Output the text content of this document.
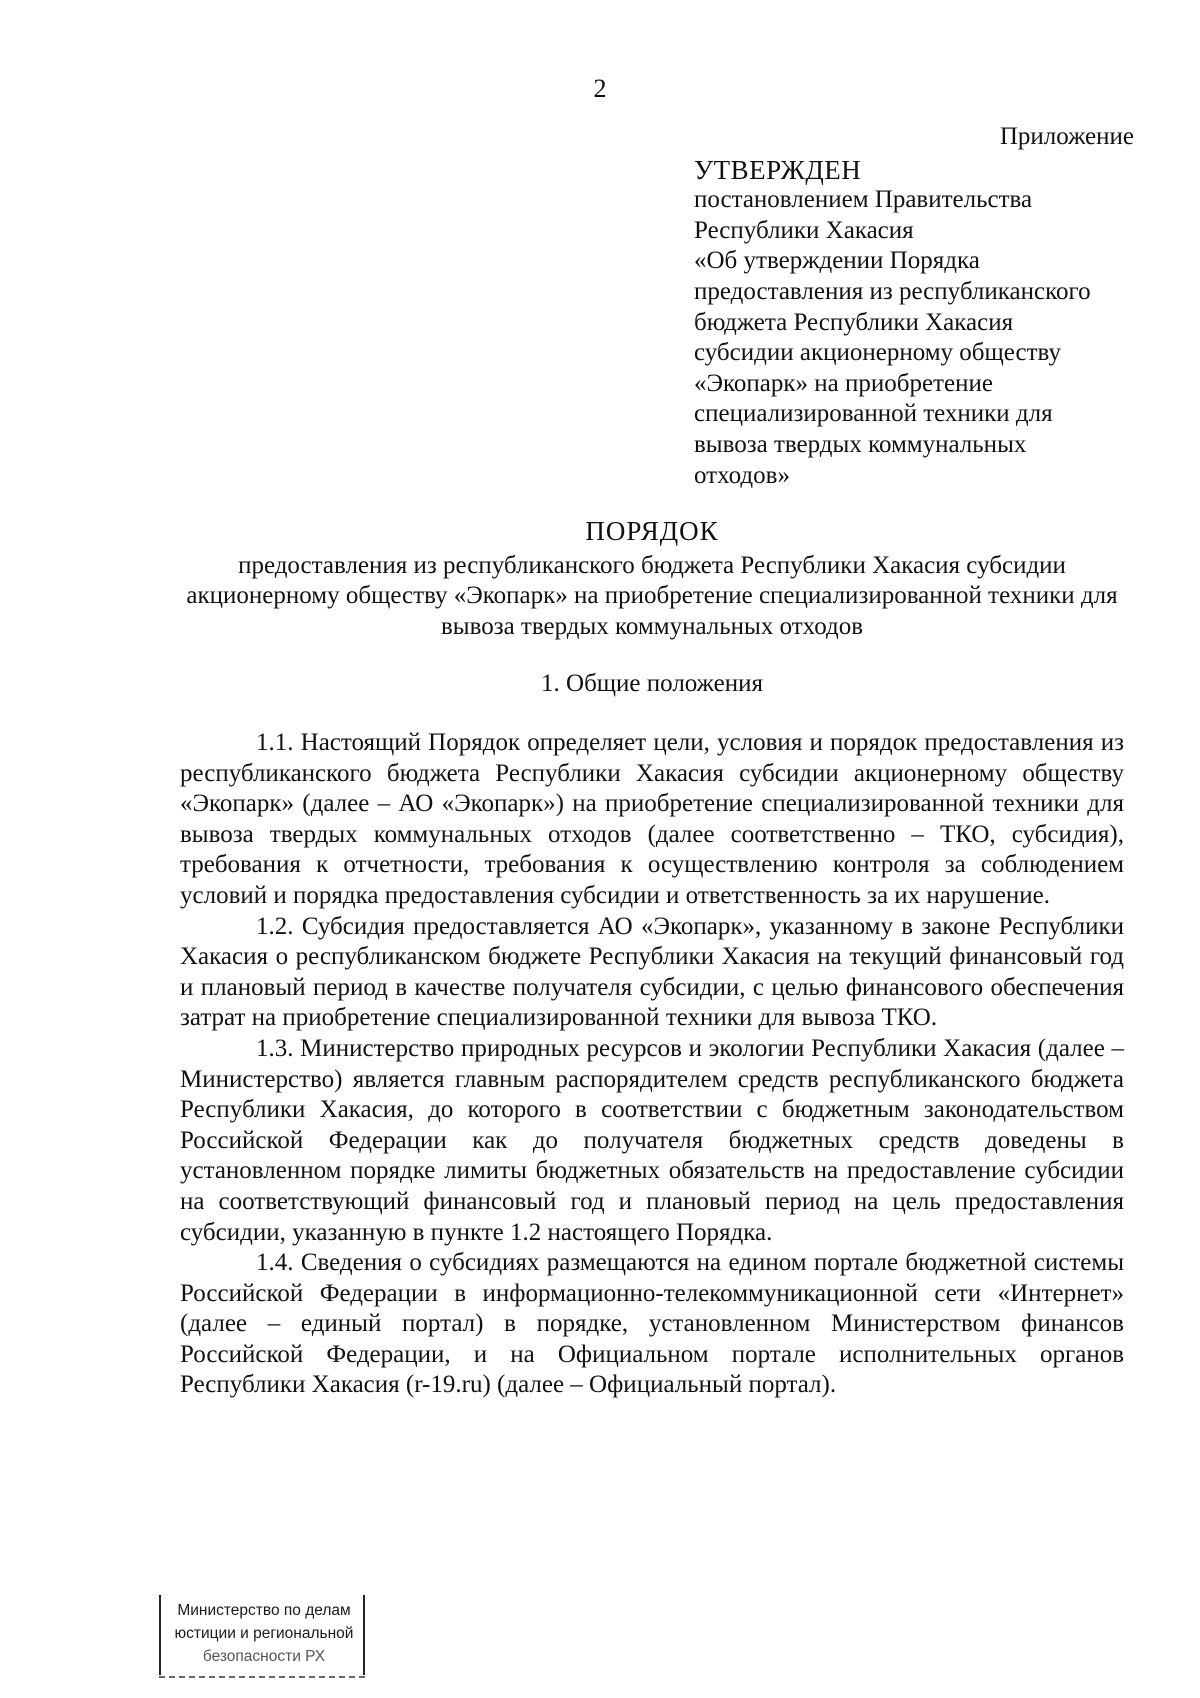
2
Приложение
УТВЕРЖДЕН
постановлением Правительства
Республики Хакасия
«Об утверждении Порядка
предоставления из республиканского
бюджета Республики Хакасия
субсидии акционерному обществу
«Экопарк» на приобретение
специализированной техники для
вывоза твердых коммунальных
отходов»
ПОРЯДОК
предоставления из республиканского бюджета Республики Хакасия субсидии акционерному обществу «Экопарк» на приобретение специализированной техники для вывоза твердых коммунальных отходов
1. Общие положения

1.1. Настоящий Порядок определяет цели, условия и порядок предоставления из республиканского бюджета Республики Хакасия субсидии акционерному обществу «Экопарк» (далее – АО «Экопарк») на приобретение специализированной техники для вывоза твердых коммунальных отходов (далее соответственно – ТКО, субсидия), требования к отчетности, требования к осуществлению контроля за соблюдением условий и порядка предоставления субсидии и ответственность за их нарушение.

1.2. Субсидия предоставляется АО «Экопарк», указанному в законе Республики Хакасия о республиканском бюджете Республики Хакасия на текущий финансовый год и плановый период в качестве получателя субсидии, с целью финансового обеспечения затрат на приобретение специализированной техники для вывоза ТКО.

1.3. Министерство природных ресурсов и экологии Республики Хакасия (далее – Министерство) является главным распорядителем средств республиканского бюджета Республики Хакасия, до которого в соответствии с бюджетным законодательством Российской Федерации как до получателя бюджетных средств доведены в установленном порядке лимиты бюджетных обязательств на предоставление субсидии на соответствующий финансовый год и плановый период на цель предоставления субсидии, указанную в пункте 1.2 настоящего Порядка.

1.4. Сведения о субсидиях размещаются на едином портале бюджетной системы Российской Федерации в информационно-телекоммуникационной сети «Интернет» (далее – единый портал) в порядке, установленном Министерством финансов Российской Федерации, и на Официальном портале исполнительных органов Республики Хакасия (r-19.ru) (далее – Официальный портал).

Министерство по делам
юстиции и региональной
безопасности РХ
